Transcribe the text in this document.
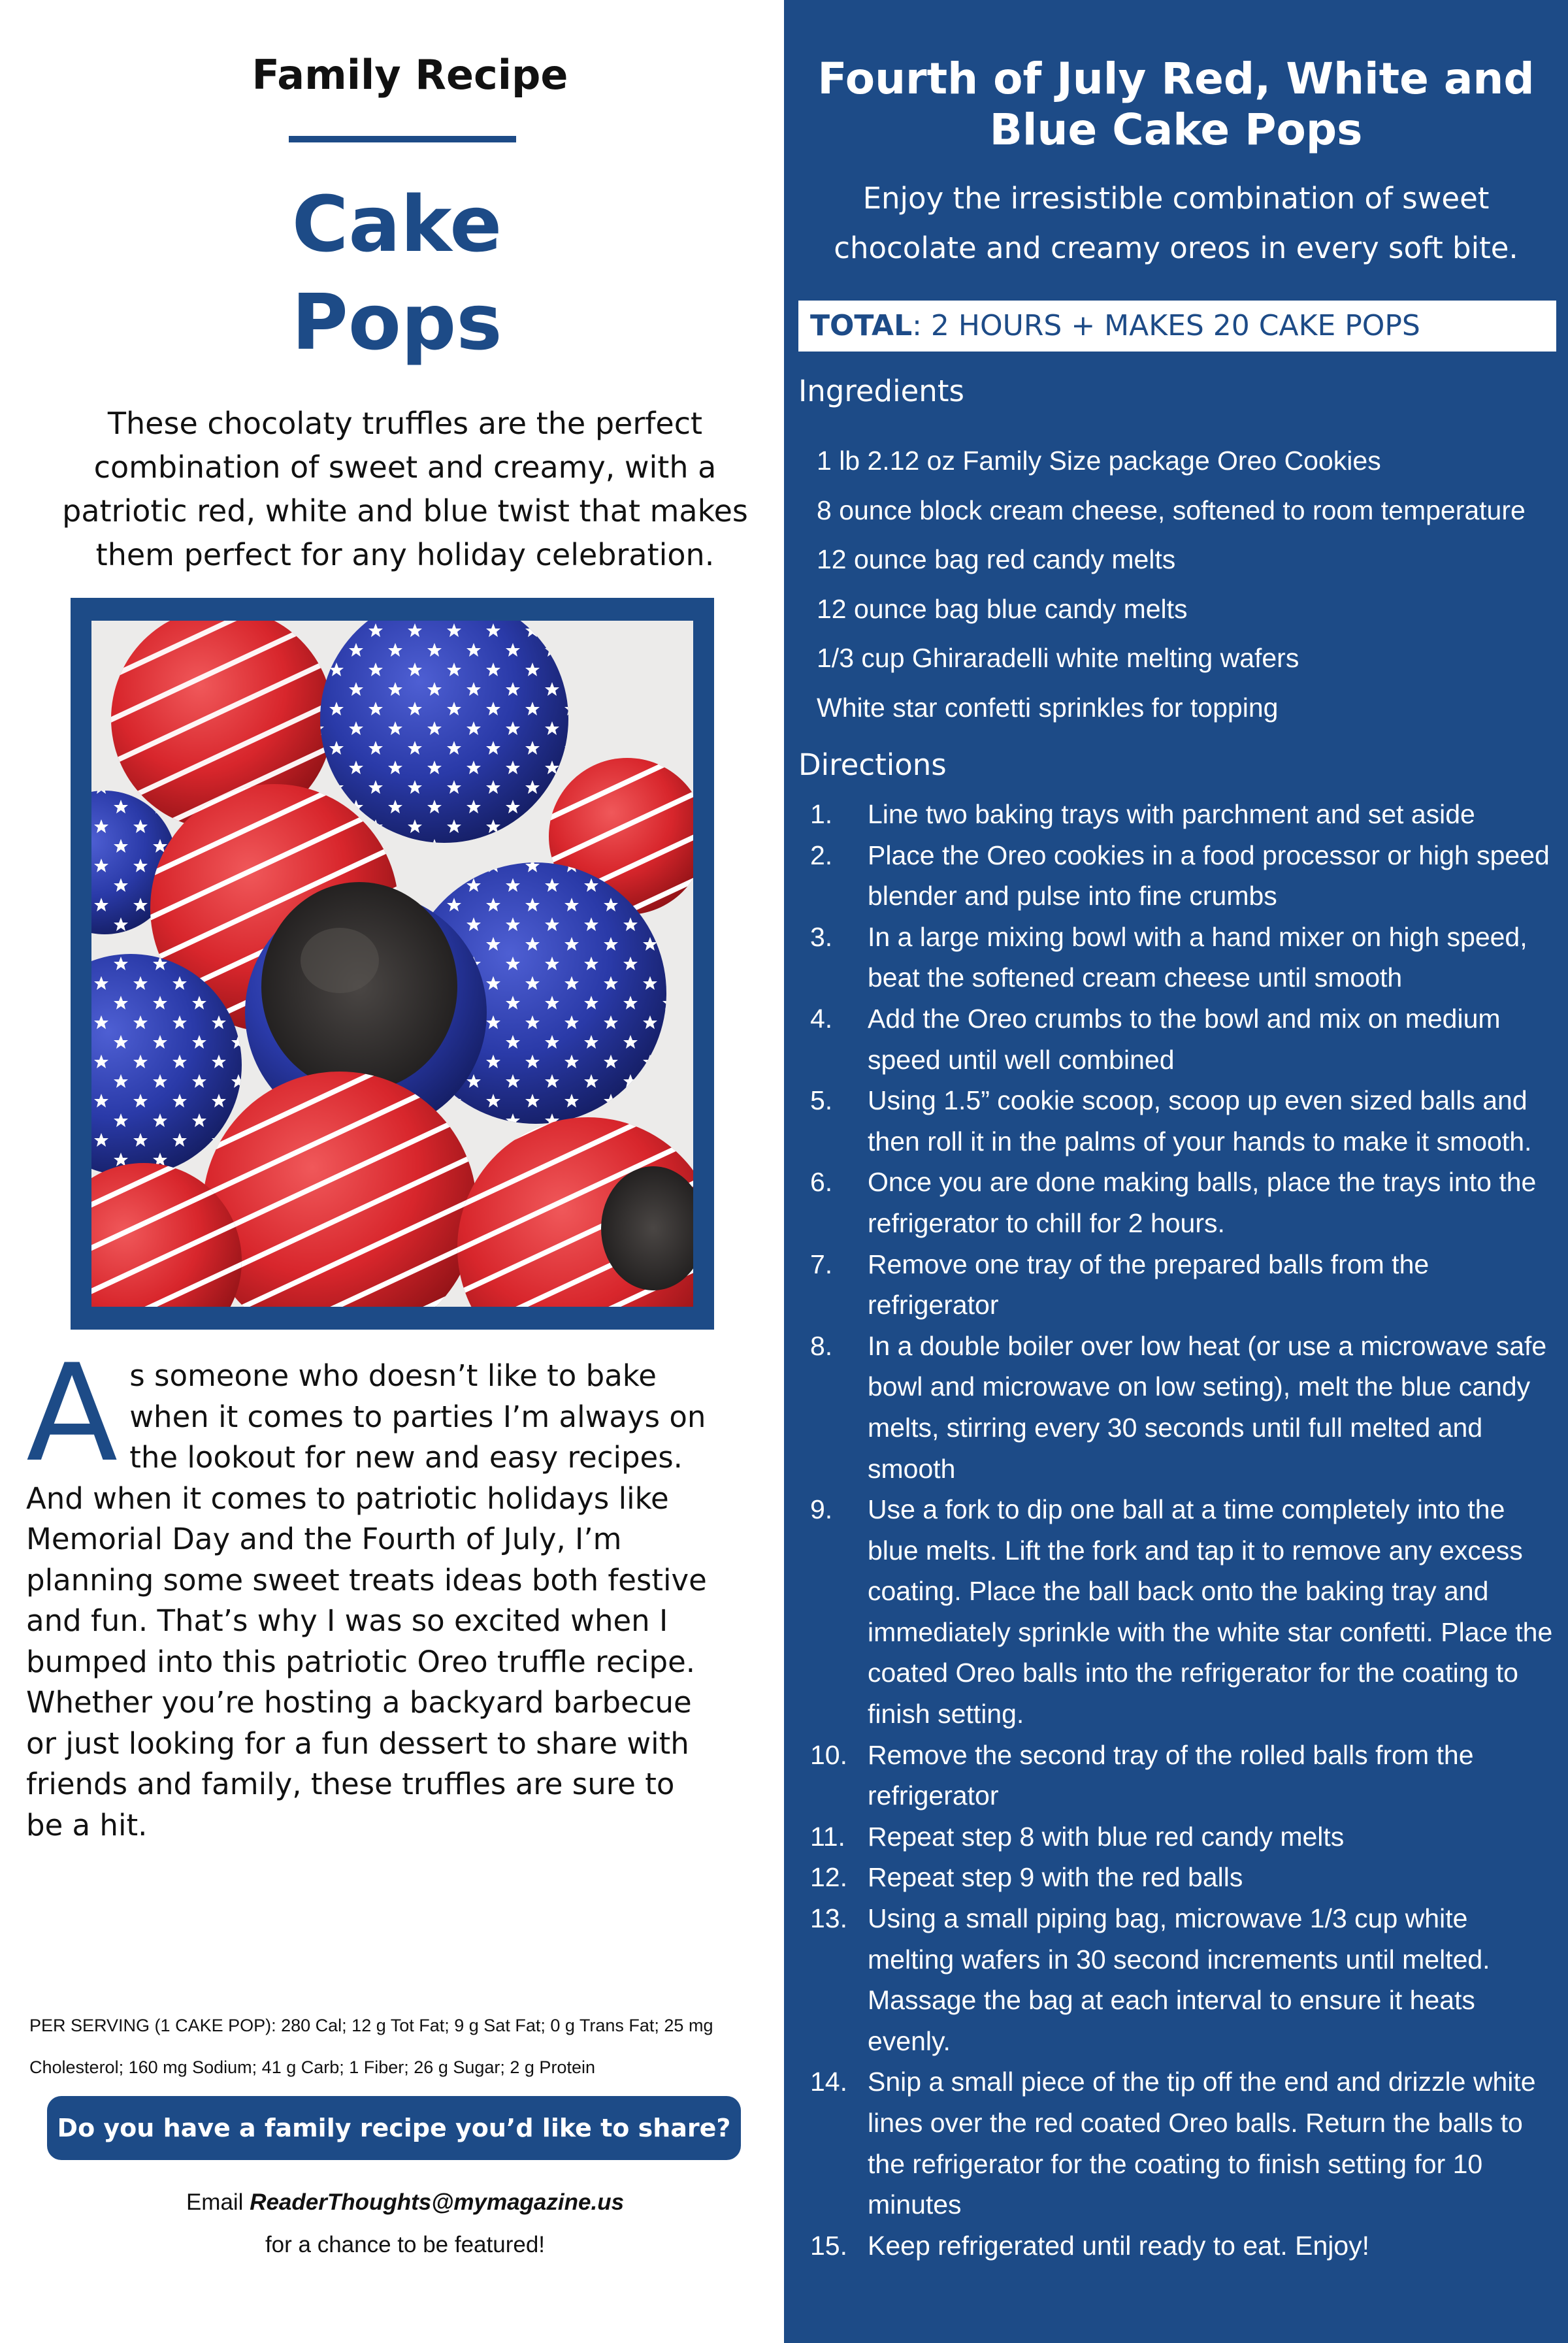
Family Recipe
Cake
Pops
These chocolaty truffles are the perfect
combination of sweet and creamy, with a
patriotic red, white and blue twist that makes
them perfect for any holiday celebration.
A s someone who doesn’t like to bake
when it comes to parties I’m always on
the lookout for new and easy recipes.
And when it comes to patriotic holidays like
Memorial Day and the Fourth of July, I’m
planning some sweet treats ideas both festive
and fun. That’s why I was so excited when I
bumped into this patriotic Oreo truffle recipe.
Whether you’re hosting a backyard barbecue
or just looking for a fun dessert to share with
friends and family, these truffles are sure to
be a hit.
PER SERVING (1 CAKE POP): 280 Cal; 12 g Tot Fat; 9 g Sat Fat; 0 g Trans Fat; 25 mg
Cholesterol; 160 mg Sodium; 41 g Carb; 1 Fiber; 26 g Sugar; 2 g Protein
Do you have a family recipe you’d like to share?
Email ReaderThoughts@mymagazine.us
for a chance to be featured!
Fourth of July Red, White and
Blue Cake Pops
Enjoy the irresistible combination of sweet
chocolate and creamy oreos in every soft bite.
TOTAL: 2 HOURS + MAKES 20 CAKE POPS
Ingredients
1 lb 2.12 oz Family Size package Oreo Cookies
8 ounce block cream cheese, softened to room temperature
12 ounce bag red candy melts
12 ounce bag blue candy melts
1/3 cup Ghiraradelli white melting wafers
White star confetti sprinkles for topping
Directions
1.	Line two baking trays with parchment and set aside
2.	Place the Oreo cookies in a food processor or high speed
blender and pulse into fine crumbs
3.	In a large mixing bowl with a hand mixer on high speed,
beat the softened cream cheese until smooth
4.	Add the Oreo crumbs to the bowl and mix on medium
speed until well combined
5.	Using 1.5” cookie scoop, scoop up even sized balls and
then roll it in the palms of your hands to make it smooth.
6.	Once you are done making balls, place the trays into the
refrigerator to chill for 2 hours.
7.	Remove one tray of the prepared balls from the
refrigerator
8.	In a double boiler over low heat (or use a microwave safe
bowl and microwave on low seting), melt the blue candy
melts, stirring every 30 seconds until full melted and
smooth
9.	Use a fork to dip one ball at a time completely into the
blue melts. Lift the fork and tap it to remove any excess
coating. Place the ball back onto the baking tray and
immediately sprinkle with the white star confetti. Place the
coated Oreo balls into the refrigerator for the coating to
finish setting.
10. Remove the second tray of the rolled balls from the
refrigerator
11. Repeat step 8 with blue red candy melts
12. Repeat step 9 with the red balls
13. Using a small piping bag, microwave 1/3 cup white
melting wafers in 30 second increments until melted.
Massage the bag at each interval to ensure it heats
evenly.
14. Snip a small piece of the tip off the end and drizzle white
lines over the red coated Oreo balls. Return the balls to
the refrigerator for the coating to finish setting for 10
minutes
15. Keep refrigerated until ready to eat. Enjoy!
